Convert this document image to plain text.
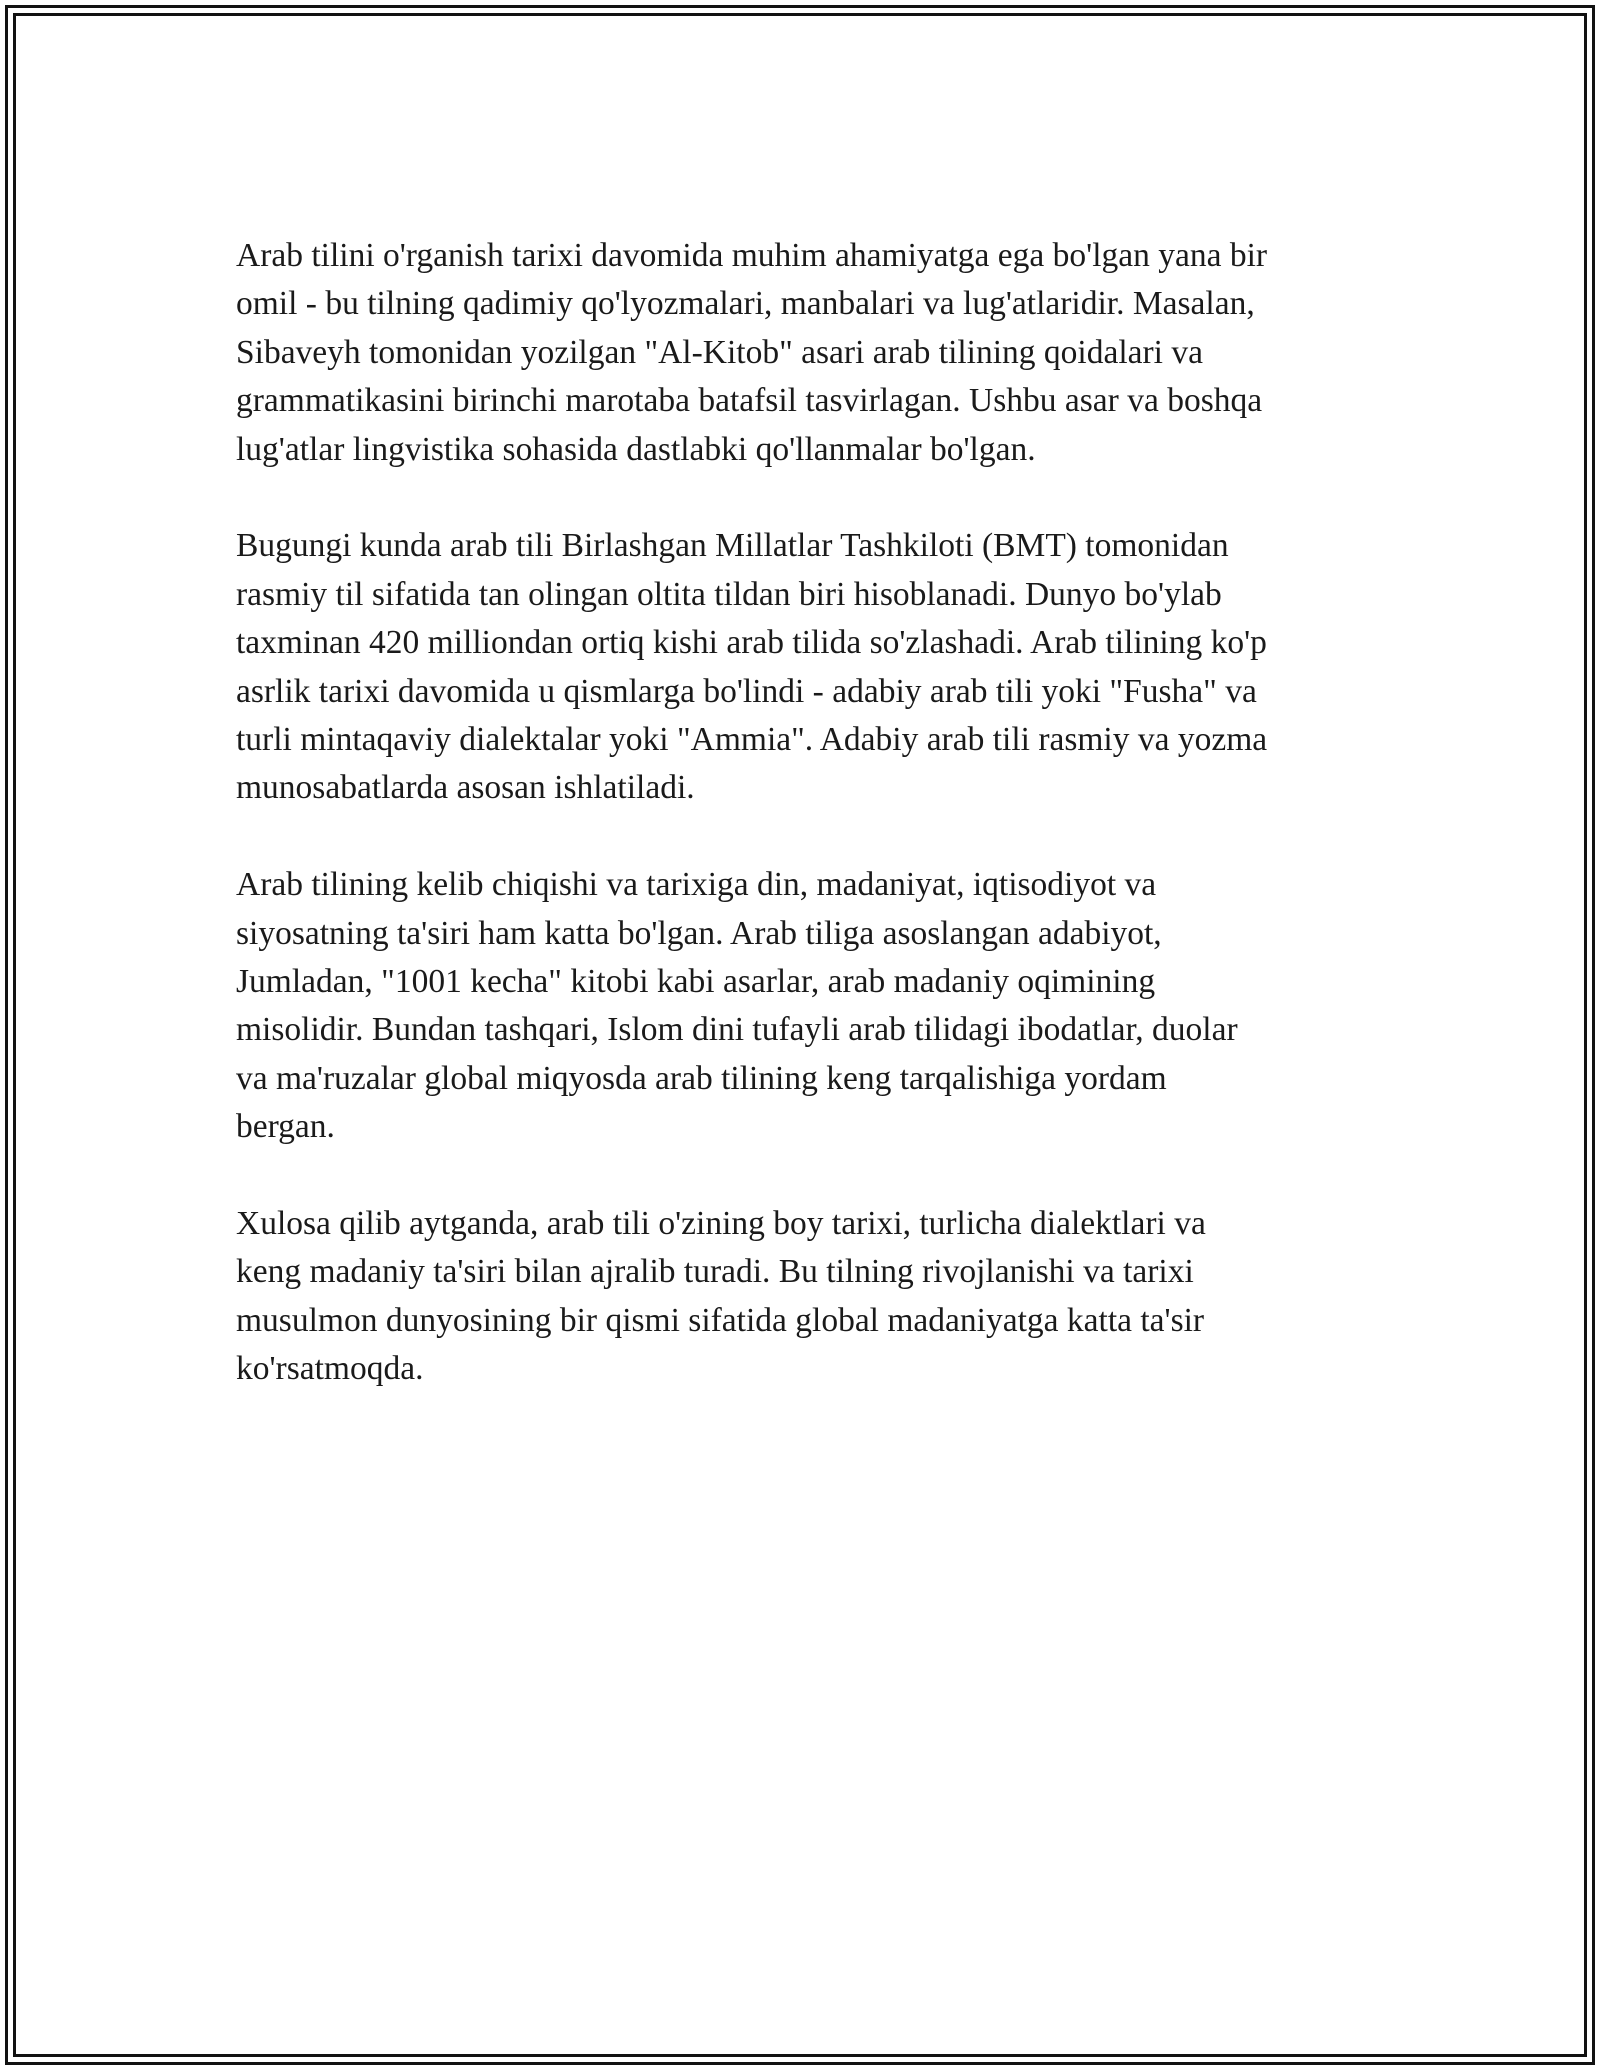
Arab tilini o'rganish tarixi davomida muhim ahamiyatga ega bo'lgan yana bir
omil - bu tilning qadimiy qo'lyozmalari, manbalari va lug'atlaridir. Masalan,
Sibaveyh tomonidan yozilgan "Al-Kitob" asari arab tilining qoidalari va
grammatikasini birinchi marotaba batafsil tasvirlagan. Ushbu asar va boshqa
lug'atlar lingvistika sohasida dastlabki qo'llanmalar bo'lgan.

Bugungi kunda arab tili Birlashgan Millatlar Tashkiloti (BMT) tomonidan
rasmiy til sifatida tan olingan oltita tildan biri hisoblanadi. Dunyo bo'ylab
taxminan 420 milliondan ortiq kishi arab tilida so'zlashadi. Arab tilining ko'p
asrlik tarixi davomida u qismlarga bo'lindi - adabiy arab tili yoki "Fusha" va
turli mintaqaviy dialektalar yoki "Ammia". Adabiy arab tili rasmiy va yozma
munosabatlarda asosan ishlatiladi.

Arab tilining kelib chiqishi va tarixiga din, madaniyat, iqtisodiyot va
siyosatning ta'siri ham katta bo'lgan. Arab tiliga asoslangan adabiyot,
Jumladan, "1001 kecha" kitobi kabi asarlar, arab madaniy oqimining
misolidir. Bundan tashqari, Islom dini tufayli arab tilidagi ibodatlar, duolar
va ma'ruzalar global miqyosda arab tilining keng tarqalishiga yordam
bergan.

Xulosa qilib aytganda, arab tili o'zining boy tarixi, turlicha dialektlari va
keng madaniy ta'siri bilan ajralib turadi. Bu tilning rivojlanishi va tarixi
musulmon dunyosining bir qismi sifatida global madaniyatga katta ta'sir
ko'rsatmoqda.
